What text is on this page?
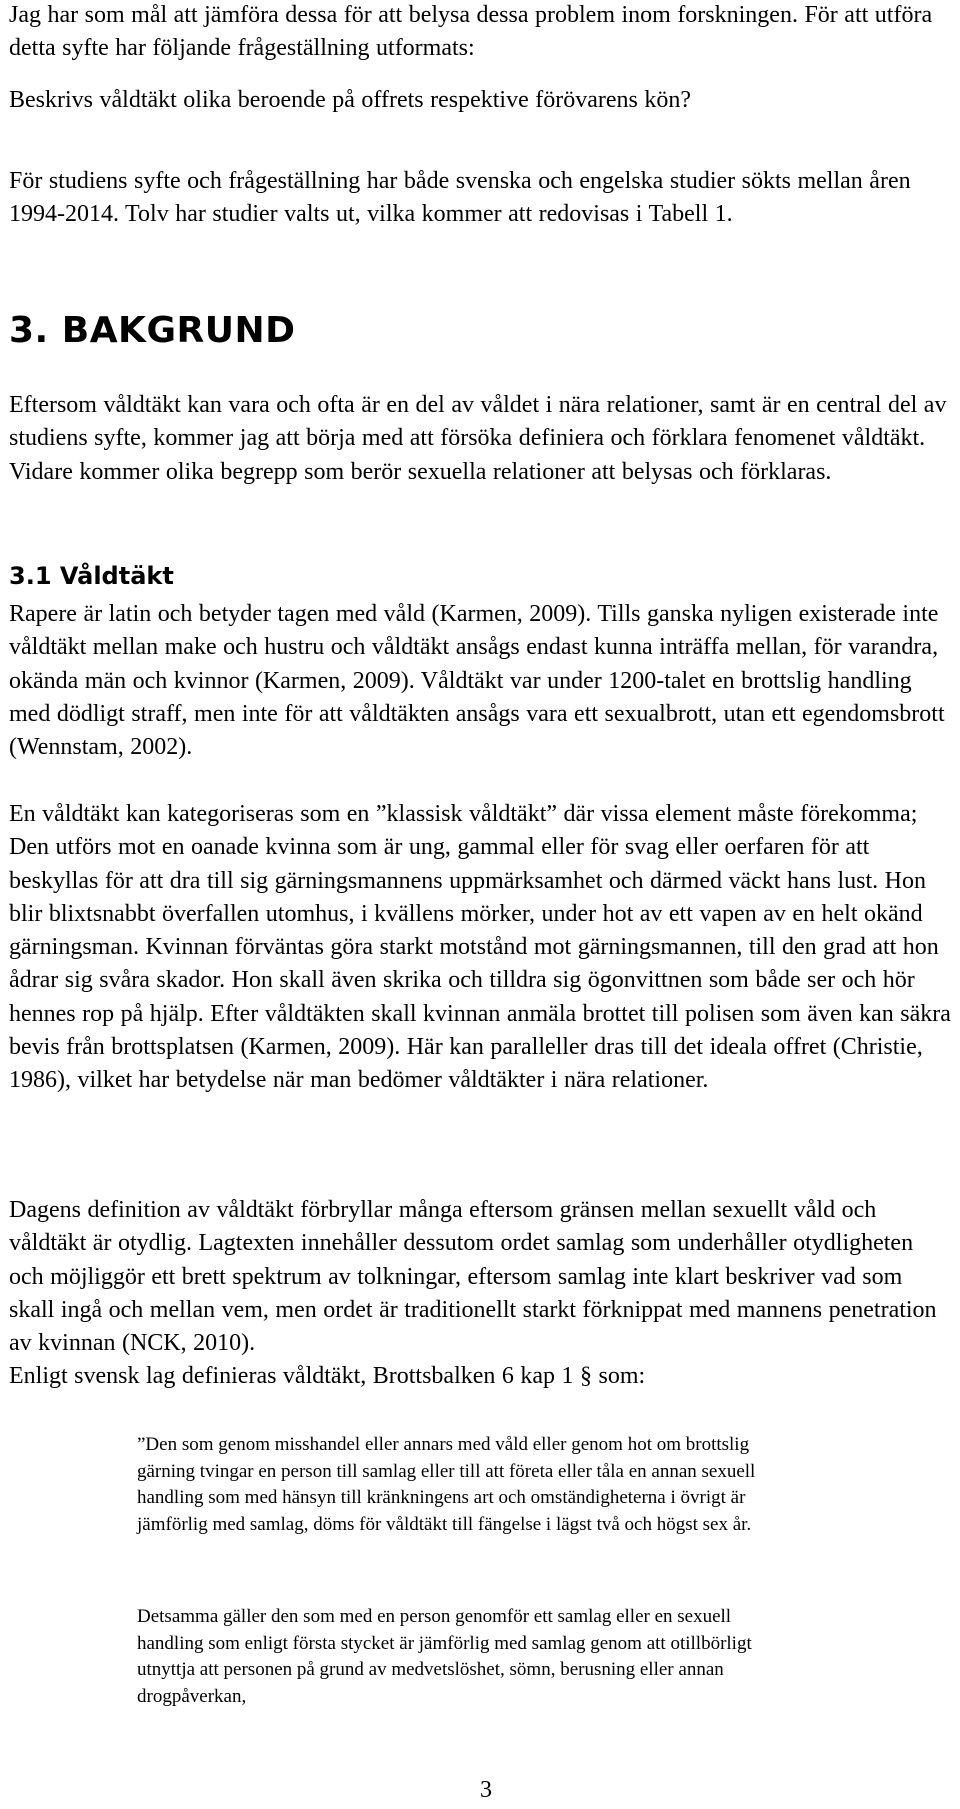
Jag har som mål att jämföra dessa för att belysa dessa problem inom forskningen. För att utföra detta syfte har följande frågeställning utformats:

Beskrivs våldtäkt olika beroende på offrets respektive förövarens kön?

För studiens syfte och frågeställning har både svenska och engelska studier sökts mellan åren 1994-2014. Tolv har studier valts ut, vilka kommer att redovisas i Tabell 1.

3. BAKGRUND

Eftersom våldtäkt kan vara och ofta är en del av våldet i nära relationer, samt är en central del av studiens syfte, kommer jag att börja med att försöka definiera och förklara fenomenet våldtäkt. Vidare kommer olika begrepp som berör sexuella relationer att belysas och förklaras.

3.1 Våldtäkt

Rapere är latin och betyder tagen med våld (Karmen, 2009). Tills ganska nyligen existerade inte våldtäkt mellan make och hustru och våldtäkt ansågs endast kunna inträffa mellan, för varandra, okända män och kvinnor (Karmen, 2009). Våldtäkt var under 1200-talet en brottslig handling med dödligt straff, men inte för att våldtäkten ansågs vara ett sexualbrott, utan ett egendomsbrott (Wennstam, 2002).

En våldtäkt kan kategoriseras som en ”klassisk våldtäkt” där vissa element måste förekomma; Den utförs mot en oanade kvinna som är ung, gammal eller för svag eller oerfaren för att beskyllas för att dra till sig gärningsmannens uppmärksamhet och därmed väckt hans lust. Hon blir blixtsnabbt överfallen utomhus, i kvällens mörker, under hot av ett vapen av en helt okänd gärningsman. Kvinnan förväntas göra starkt motstånd mot gärningsmannen, till den grad att hon ådrar sig svåra skador. Hon skall även skrika och tilldra sig ögonvittnen som både ser och hör hennes rop på hjälp. Efter våldtäkten skall kvinnan anmäla brottet till polisen som även kan säkra bevis från brottsplatsen (Karmen, 2009). Här kan paralleller dras till det ideala offret (Christie, 1986), vilket har betydelse när man bedömer våldtäkter i nära relationer.

Dagens definition av våldtäkt förbryllar många eftersom gränsen mellan sexuellt våld och våldtäkt är otydlig. Lagtexten innehåller dessutom ordet samlag som underhåller otydligheten och möjliggör ett brett spektrum av tolkningar, eftersom samlag inte klart beskriver vad som skall ingå och mellan vem, men ordet är traditionellt starkt förknippat med mannens penetration av kvinnan (NCK, 2010).

Enligt svensk lag definieras våldtäkt, Brottsbalken 6 kap 1 § som:

”Den som genom misshandel eller annars med våld eller genom hot om brottslig gärning tvingar en person till samlag eller till att företa eller tåla en annan sexuell handling som med hänsyn till kränkningens art och omständigheterna i övrigt är jämförlig med samlag, döms för våldtäkt till fängelse i lägst två och högst sex år.

Detsamma gäller den som med en person genomför ett samlag eller en sexuell handling som enligt första stycket är jämförlig med samlag genom att otillbörligt utnyttja att personen på grund av medvetslöshet, sömn, berusning eller annan drogpåverkan,

3
